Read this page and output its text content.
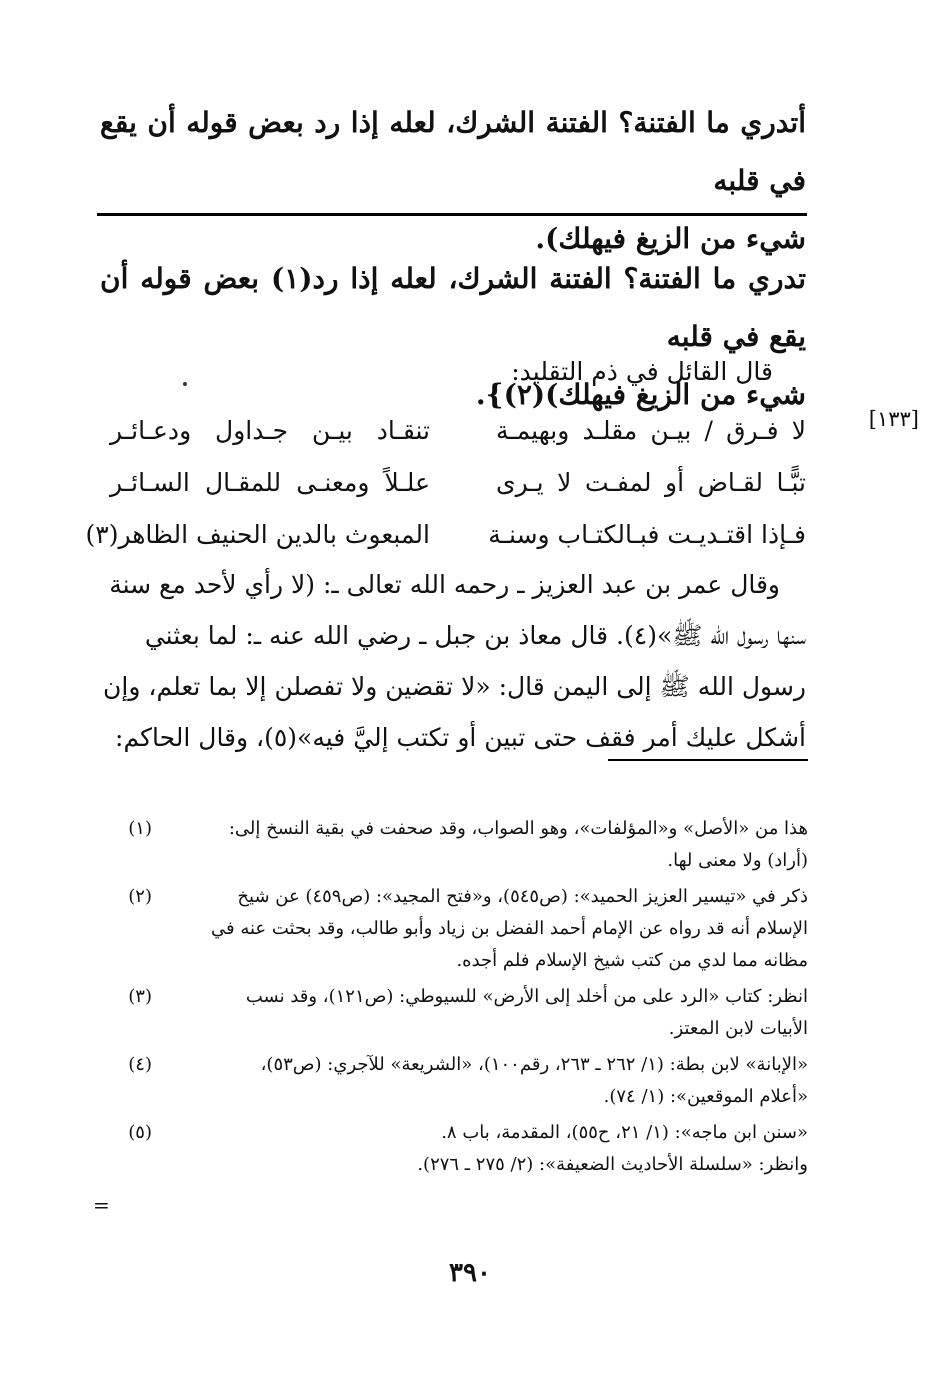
أتدري ما الفتنة؟ الفتنة الشرك، لعله إذا رد بعض قوله أن يقع في قلبه
شيء من الزيغ فيهلك).
تدري ما الفتنة؟ الفتنة الشرك، لعله إذا رد(١) بعض قوله أن يقع في قلبه
شيء من الزيغ فيهلك)(٢)}.
قال القائل في ذم التقليد:
[١٣٣]
لا فـرق / بيـن مقلـد وبهيمـة
تنقـاد بيـن جـداول ودعـائـر
تبًّـا لقـاض أو لمفـت لا يـرى
علـلاً ومعنـى للمقـال السـائـر
فـإذا اقتـديـت فبـالكتـاب وسنـة
المبعوث بالدين الحنيف الظاهر(٣)
وقال عمر بن عبد العزيز ـ رحمه الله تعالى ـ: (لا رأي لأحد مع سنة
سنها رسول الله ﷺ»(٤). قال معاذ بن جبل ـ رضي الله عنه ـ: لما بعثني
رسول الله ﷺ إلى اليمن قال: «لا تقضين ولا تفصلن إلا بما تعلم، وإن
أشكل عليك أمر فقف حتى تبين أو تكتب إليَّ فيه»(٥)، وقال الحاكم:
(١)	هذا من «الأصل» و«المؤلفات»، وهو الصواب، وقد صحفت في بقية النسخ إلى:
(أراد) ولا معنى لها.
(٢)	ذكر في «تيسير العزيز الحميد»: (ص٥٤٥)، و«فتح المجيد»: (ص٤٥٩) عن شيخ
الإسلام أنه قد رواه عن الإمام أحمد الفضل بن زياد وأبو طالب، وقد بحثت عنه في
مظانه مما لدي من كتب شيخ الإسلام فلم أجده.
(٣)	انظر: كتاب «الرد على من أخلد إلى الأرض» للسيوطي: (ص١٢١)، وقد نسب
الأبيات لابن المعتز.
(٤)	«الإبانة» لابن بطة: (١/ ٢٦٢ ـ ٢٦٣، رقم١٠٠)، «الشريعة» للآجري: (ص٥٣)،
«أعلام الموقعين»: (١/ ٧٤).
(٥)	«سنن ابن ماجه»: (١/ ٢١، ح٥٥)، المقدمة، باب ٨.
وانظر: «سلسلة الأحاديث الضعيفة»: (٢/ ٢٧٥ ـ ٢٧٦).
=
٣٩٠
